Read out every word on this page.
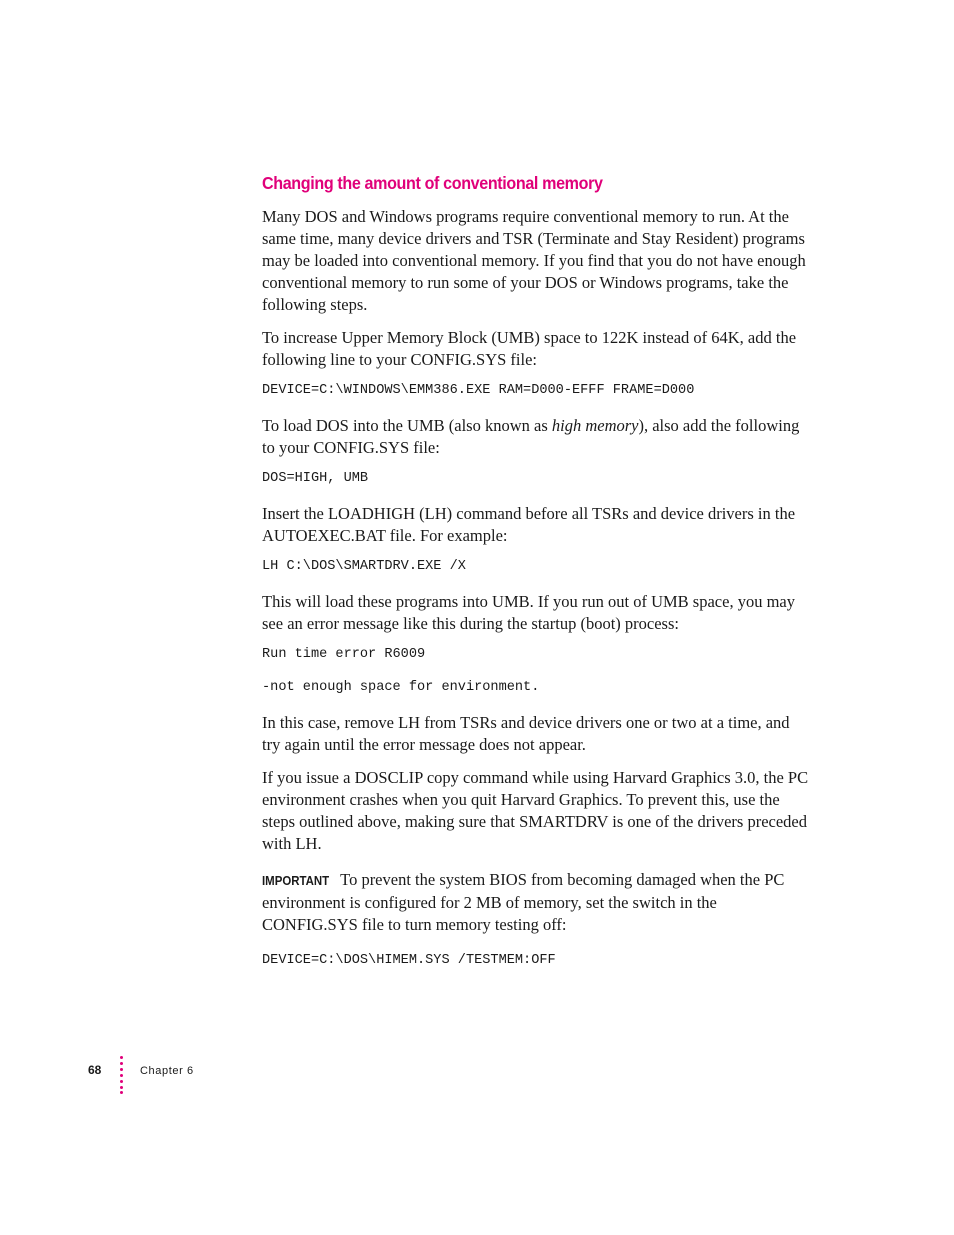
Changing the amount of conventional memory

Many DOS and Windows programs require conventional memory to run. At the same time, many device drivers and TSR (Terminate and Stay Resident) programs may be loaded into conventional memory. If you find that you do not have enough conventional memory to run some of your DOS or Windows programs, take the following steps.

To increase Upper Memory Block (UMB) space to 122K instead of 64K, add the following line to your CONFIG.SYS file:

DEVICE=C:\WINDOWS\EMM386.EXE RAM=D000-EFFF FRAME=D000

To load DOS into the UMB (also known as high memory), also add the following to your CONFIG.SYS file:

DOS=HIGH, UMB

Insert the LOADHIGH (LH) command before all TSRs and device drivers in the AUTOEXEC.BAT file. For example:

LH C:\DOS\SMARTDRV.EXE /X

This will load these programs into UMB. If you run out of UMB space, you may see an error message like this during the startup (boot) process:

Run time error R6009
-not enough space for environment.

In this case, remove LH from TSRs and device drivers one or two at a time, and try again until the error message does not appear.

If you issue a DOSCLIP copy command while using Harvard Graphics 3.0, the PC environment crashes when you quit Harvard Graphics. To prevent this, use the steps outlined above, making sure that SMARTDRV is one of the drivers preceded with LH.

IMPORTANT To prevent the system BIOS from becoming damaged when the PC environment is configured for 2 MB of memory, set the switch in the CONFIG.SYS file to turn memory testing off:

DEVICE=C:\DOS\HIMEM.SYS /TESTMEM:OFF
68	Chapter 6
